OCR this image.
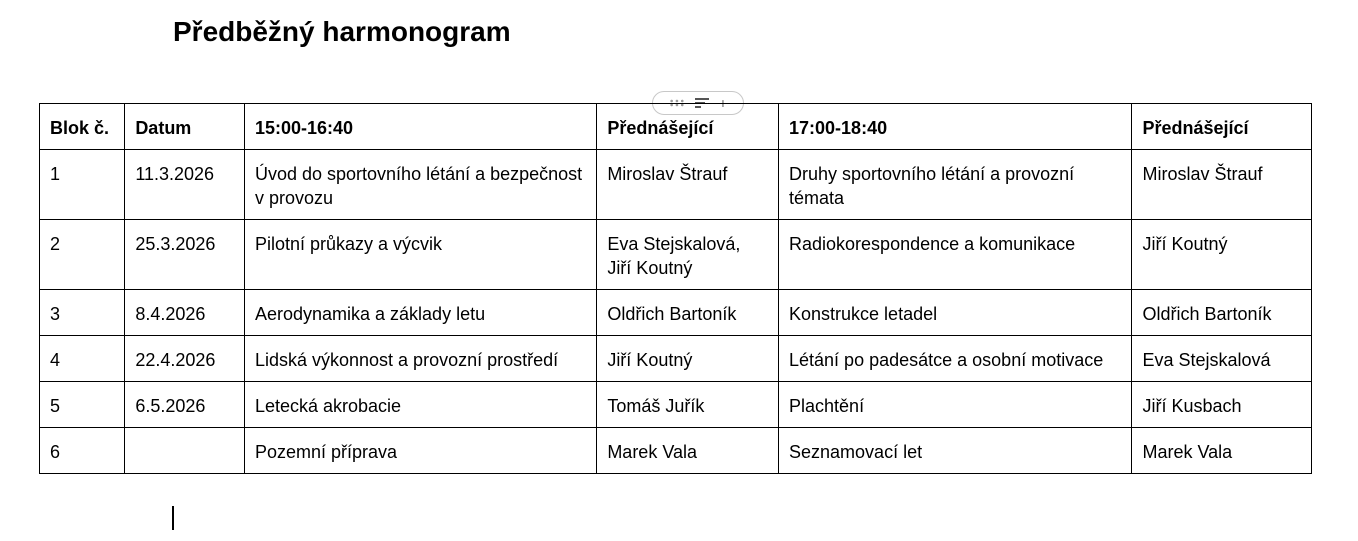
Předběžný harmonogram
+
Blok č.	Datum	15:00-16:40	Přednášející	17:00-18:40	Přednášející
1	11.3.2026	Úvod do sportovního létání a bezpečnost v provozu	Miroslav Štrauf	Druhy sportovního létání a provozní témata	Miroslav Štrauf
2	25.3.2026	Pilotní průkazy a výcvik	Eva Stejskalová, Jiří Koutný	Radiokorespondence a komunikace	Jiří Koutný
3	8.4.2026	Aerodynamika a základy letu	Oldřich Bartoník	Konstrukce letadel	Oldřich Bartoník
4	22.4.2026	Lidská výkonnost a provozní prostředí	Jiří Koutný	Létání po padesátce a osobní motivace	Eva Stejskalová
5	6.5.2026	Letecká akrobacie	Tomáš Juřík	Plachtění	Jiří Kusbach
6		Pozemní příprava	Marek Vala	Seznamovací let	Marek Vala
